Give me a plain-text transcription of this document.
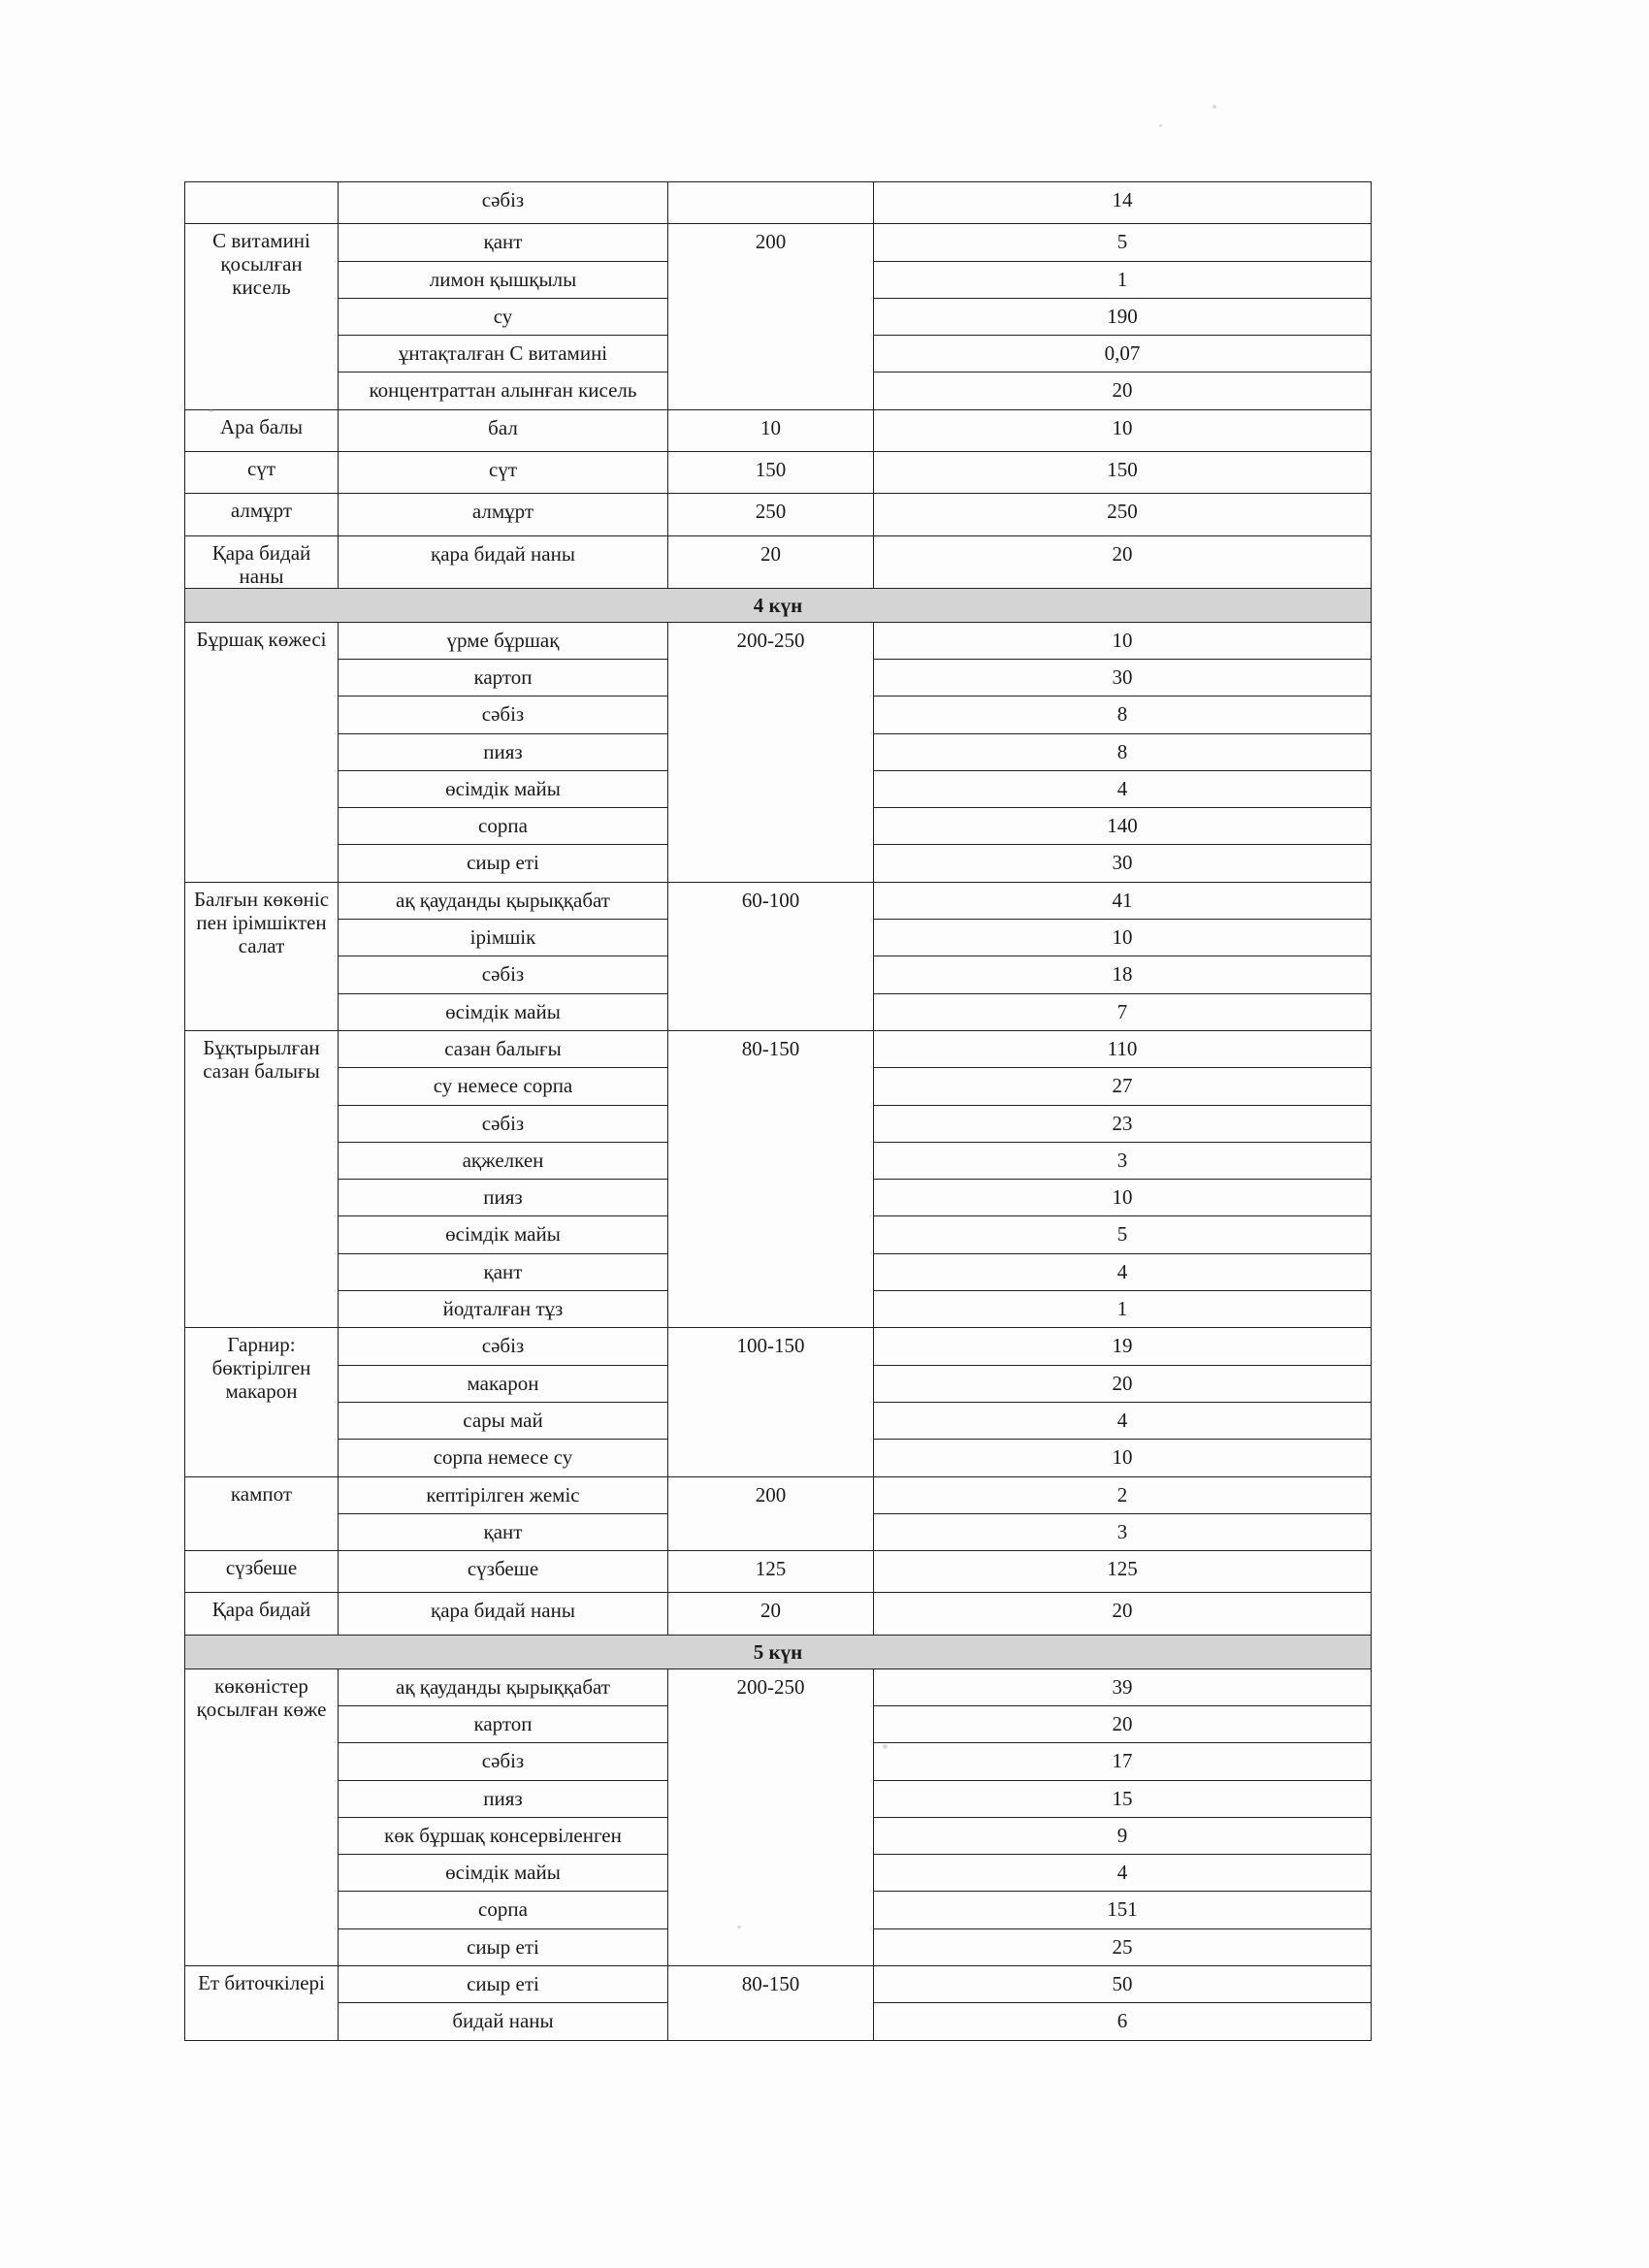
	сәбіз			14
С витамині қосылған кисель	қант	200		5
	лимон қышқылы			1
	су			190
	ұнтақталған С витамині			0,07
	концентраттан алынған кисель			20
Ара балы	бал	10		10
сүт	сүт	150		150
алмұрт	алмұрт	250		250
Қара бидай наны	қара бидай наны	20		20
4 күн			
Бұршақ көжесі	үрме бұршақ	200-250		10
	картоп			30
	сәбіз			8
	пияз			8
	өсімдік майы			4
	сорпа			140
	сиыр еті			30
Балғын көкөніс пен ірімшіктен салат	ақ қауданды қырыққабат	60-100		41
	ірімшік			10
	сәбіз			18
	өсімдік майы			7
Бұқтырылған сазан балығы	сазан балығы	80-150		110
	су немесе сорпа			27
	сәбіз			23
	ақжелкен			3
	пияз			10
	өсімдік майы			5
	қант			4
	йодталған тұз			1
Гарнир: бөктірілген макарон	сәбіз	100-150		19
	макарон			20
	сары май			4
	сорпа немесе су			10
кампот	кептірілген жеміс	200		2
	қант			3
сүзбеше	сүзбеше	125		125
Қара бидай	қара бидай наны	20		20
5 күн			
көкөністер қосылған көже	ақ қауданды қырыққабат	200-250		39
	картоп			20
	сәбіз			17
	пияз			15
	көк бұршақ консервіленген			9
	өсімдік майы			4
	сорпа			151
	сиыр еті			25
Ет биточкілері	сиыр еті	80-150		50
	бидай наны			6
